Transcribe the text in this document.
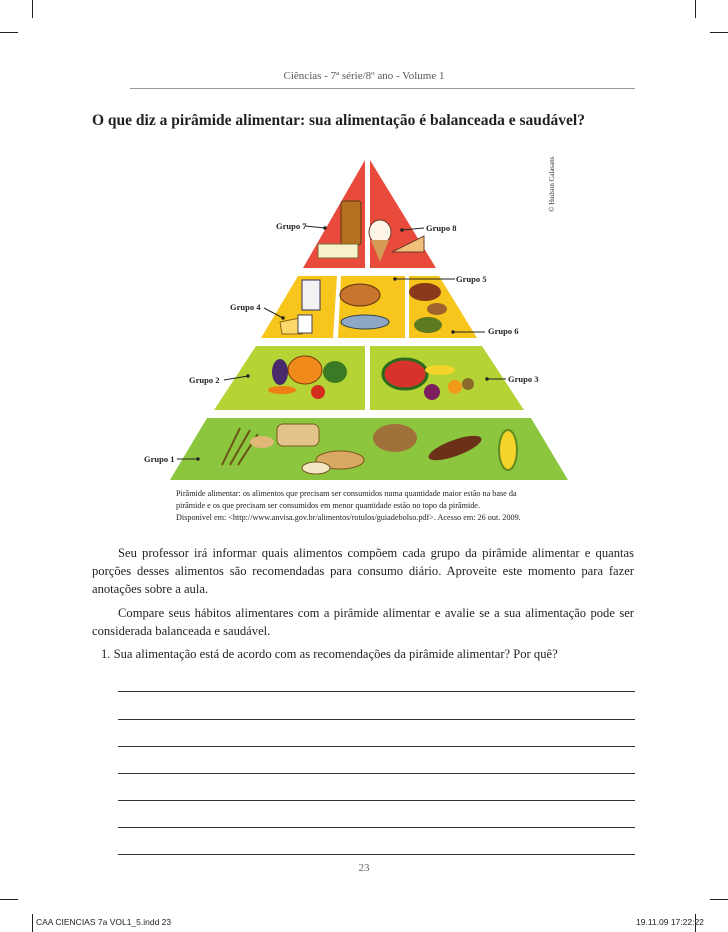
Ciências - 7ª série/8º ano - Volume 1
O que diz a pirâmide alimentar: sua alimentação é balanceada e saudável?
© Hudson Calasans
Grupo 1
Grupo 2	Grupo 3
Grupo 4
Grupo 5
Grupo 6
Grupo 7	Grupo 8
Pirâmide alimentar: os alimentos que precisam ser consumidos numa quantidade maior estão na base da
pirâmide e os que precisam ser consumidos em menor quantidade estão no topo da pirâmide.
Disponível em: <http://www.anvisa.gov.br/alimentos/rotulos/guiadebolso.pdf>. Acesso em: 26 out. 2009.

Seu professor irá informar quais alimentos compõem cada grupo da pirâmide alimentar e quantas porções desses alimentos são recomendadas para consumo diário. Aproveite este momento para fazer anotações sobre a aula.

Compare seus hábitos alimentares com a pirâmide alimentar e avalie se a sua alimentação pode ser considerada balanceada e saudável.

1. Sua alimentação está de acordo com as recomendações da pirâmide alimentar? Por quê?
23
CAA CIENCIAS 7a VOL1_5.indd 23	19.11.09 17:22:22
